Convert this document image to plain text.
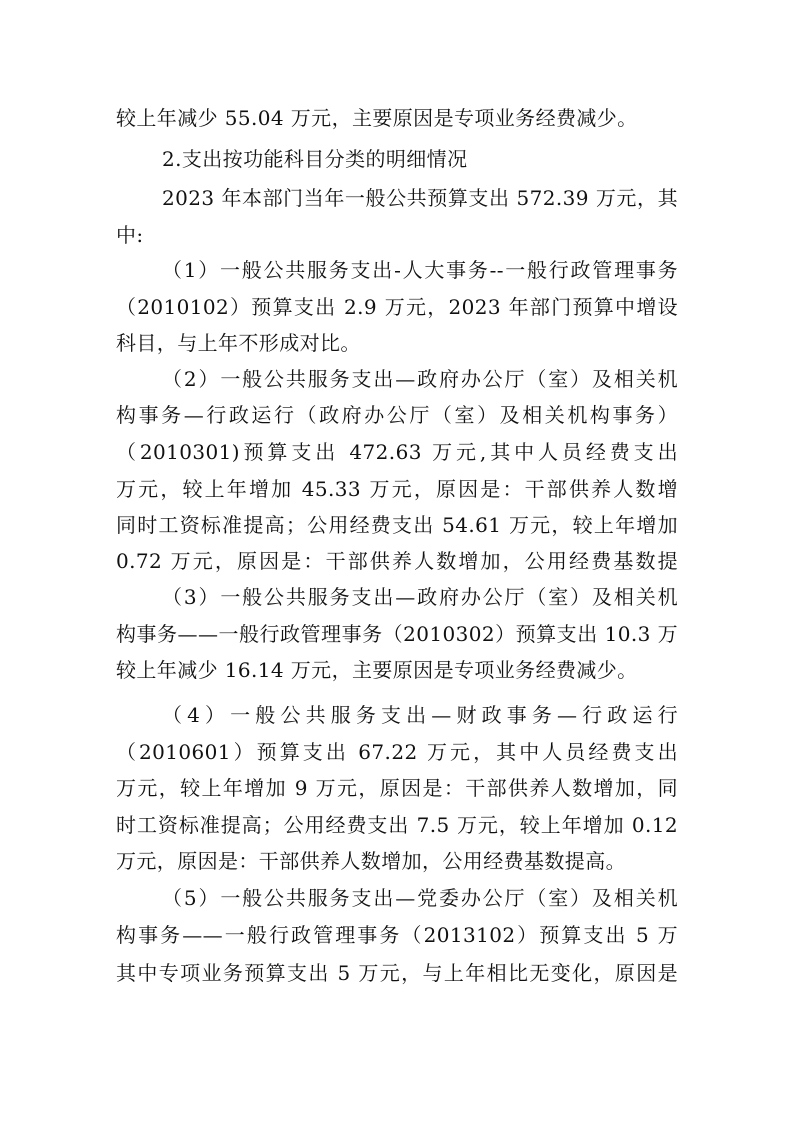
较上年减少 55.04 万元，主要原因是专项业务经费减少。
2.支出按功能科目分类的明细情况
2023 年本部门当年一般公共预算支出 572.39 万元，其
中:
（1）一般公共服务支出-人大事务--一般行政管理事务
（2010102）预算支出 2.9 万元，2023 年部门预算中增设
科目，与上年不形成对比。
（2）一般公共服务支出—政府办公厅（室）及相关机
构事务—行政运行（政府办公厅（室）及相关机构事务）
（2010301)预算支出 472.63 万元,其中人员经费支出
万元，较上年增加 45.33 万元，原因是：干部供养人数增
同时工资标准提高；公用经费支出 54.61 万元，较上年增加
0.72 万元，原因是：干部供养人数增加，公用经费基数提
（3）一般公共服务支出—政府办公厅（室）及相关机
构事务——一般行政管理事务（2010302）预算支出 10.3 万
较上年减少 16.14 万元，主要原因是专项业务经费减少。
（4）一般公共服务支出—财政事务—行政运行
（2010601）预算支出 67.22 万元，其中人员经费支出
万元，较上年增加 9 万元，原因是：干部供养人数增加，同
时工资标准提高；公用经费支出 7.5 万元，较上年增加 0.12
万元，原因是：干部供养人数增加，公用经费基数提高。
（5）一般公共服务支出—党委办公厅（室）及相关机
构事务——一般行政管理事务（2013102）预算支出 5 万
其中专项业务预算支出 5 万元，与上年相比无变化，原因是
